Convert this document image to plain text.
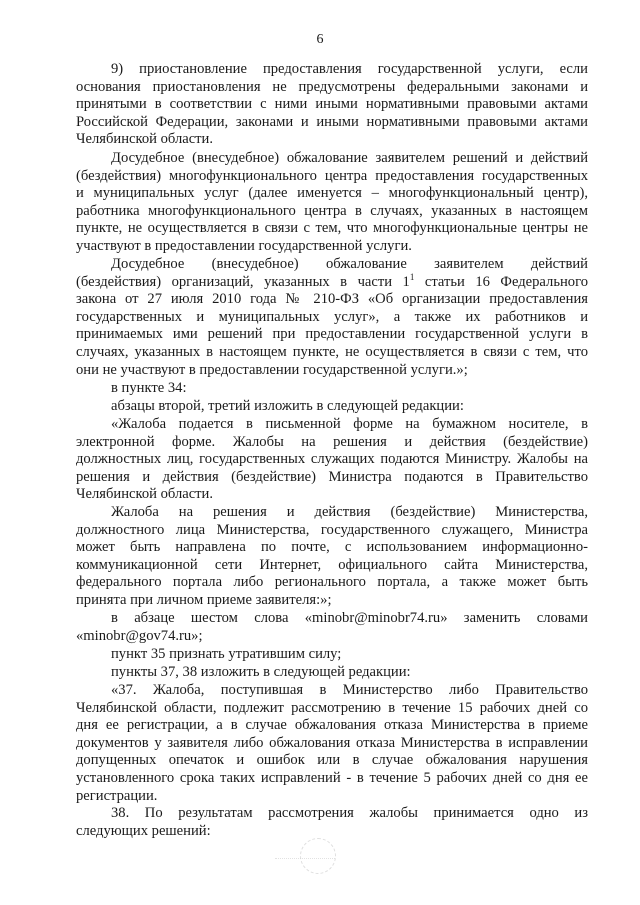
6

9) приостановление предоставления государственной услуги, если
основания приостановления не предусмотрены федеральными законами и
принятыми в соответствии с ними иными нормативными правовыми актами
Российской Федерации, законами и иными нормативными правовыми актами
Челябинской области.

Досудебное (внесудебное) обжалование заявителем решений и действий
(бездействия) многофункционального центра предоставления государственных
и муниципальных услуг (далее именуется – многофункциональный центр),
работника многофункционального центра в случаях, указанных в настоящем
пункте, не осуществляется в связи с тем, что многофункциональные центры не
участвуют в предоставлении государственной услуги.

Досудебное (внесудебное) обжалование заявителем действий
(бездействия) организаций, указанных в части $1^1$ статьи 16 Федерального
закона от 27 июля 2010 года № 210-ФЗ «Об организации предоставления
государственных и муниципальных услуг», а также их работников и
принимаемых ими решений при предоставлении государственной услуги в
случаях, указанных в настоящем пункте, не осуществляется в связи с тем, что
они не участвуют в предоставлении государственной услуги.»;

в пункте 34:

абзацы второй, третий изложить в следующей редакции:

«Жалоба подается в письменной форме на бумажном носителе, в
электронной форме. Жалобы на решения и действия (бездействие)
должностных лиц, государственных служащих подаются Министру. Жалобы на
решения и действия (бездействие) Министра подаются в Правительство
Челябинской области.

Жалоба на решения и действия (бездействие) Министерства,
должностного лица Министерства, государственного служащего, Министра
может быть направлена по почте, с использованием информационно-
коммуникационной сети Интернет, официального сайта Министерства,
федерального портала либо регионального портала, а также может быть
принята при личном приеме заявителя:»;

в абзаце шестом слова «minobr@minobr74.ru» заменить словами
«minobr@gov74.ru»;

пункт 35 признать утратившим силу;

пункты 37, 38 изложить в следующей редакции:

«37. Жалоба, поступившая в Министерство либо Правительство
Челябинской области, подлежит рассмотрению в течение 15 рабочих дней со
дня ее регистрации, а в случае обжалования отказа Министерства в приеме
документов у заявителя либо обжалования отказа Министерства в исправлении
допущенных опечаток и ошибок или в случае обжалования нарушения
установленного срока таких исправлений - в течение 5 рабочих дней со дня ее
регистрации.

38. По результатам рассмотрения жалобы принимается одно из
следующих решений:
